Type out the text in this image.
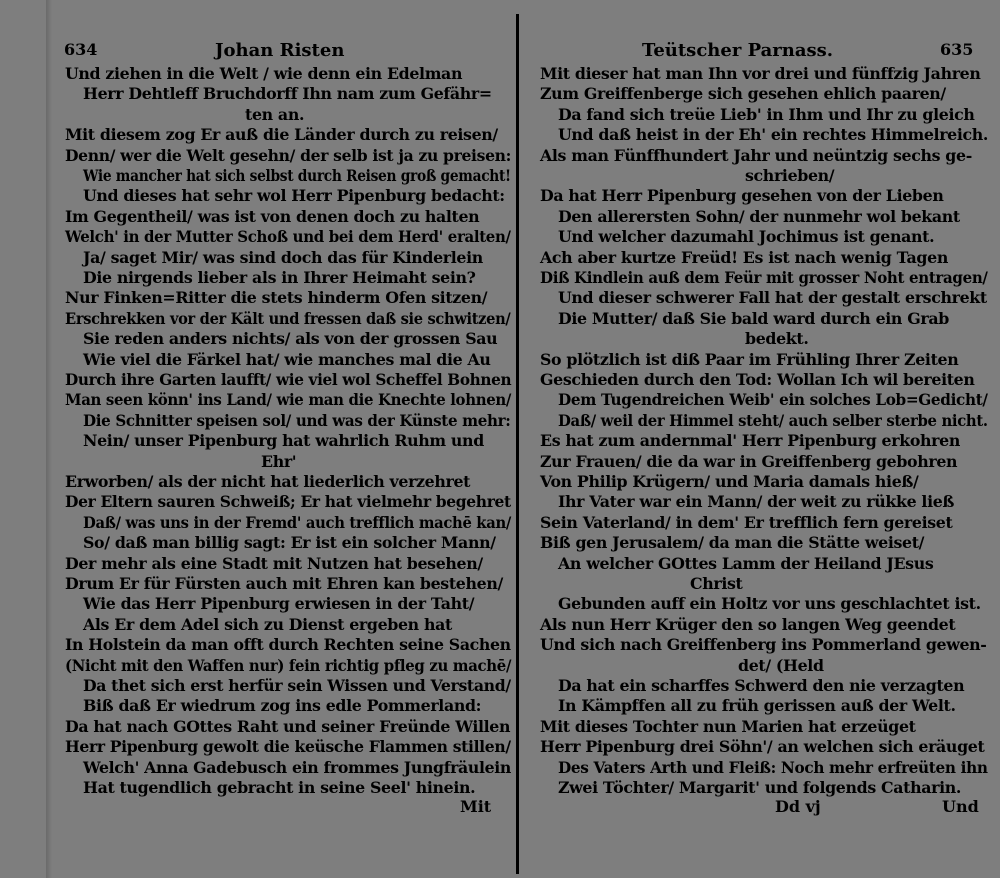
634	Johan Risten
Und ziehen in die Welt / wie denn ein Edelman
Herr Dehtleff Bruchdorff Ihn nam zum Gefähr=
ten an.
Mit diesem zog Er auß die Länder durch zu reisen/
Denn/ wer die Welt gesehn/ der selb ist ja zu preisen:
Wie mancher hat sich selbst durch Reisen groß gemacht!
Und dieses hat sehr wol Herr Pipenburg bedacht:
Im Gegentheil/ was ist von denen doch zu halten
Welch' in der Mutter Schoß und bei dem Herd' eralten/
Ja/ saget Mir/ was sind doch das für Kinderlein
Die nirgends lieber als in Ihrer Heimaht sein?
Nur Finken=Ritter die stets hinderm Ofen sitzen/
Erschrekken vor der Kält und fressen daß sie schwitzen/
Sie reden anders nichts/ als von der grossen Sau
Wie viel die Färkel hat/ wie manches mal die Au
Durch ihre Garten laufft/ wie viel wol Scheffel Bohnen
Man seen könn' ins Land/ wie man die Knechte lohnen/
Die Schnitter speisen sol/ und was der Künste mehr:
Nein/ unser Pipenburg hat wahrlich Ruhm und
Ehr'
Erworben/ als der nicht hat liederlich verzehret
Der Eltern sauren Schweiß; Er hat vielmehr begehret
Daß/ was uns in der Fremd' auch trefflich machē kan/
So/ daß man billig sagt: Er ist ein solcher Mann/
Der mehr als eine Stadt mit Nutzen hat besehen/
Drum Er für Fürsten auch mit Ehren kan bestehen/
Wie das Herr Pipenburg erwiesen in der Taht/
Als Er dem Adel sich zu Dienst ergeben hat
In Holstein da man offt durch Rechten seine Sachen
(Nicht mit den Waffen nur) fein richtig pfleg zu machē/
Da thet sich erst herfür sein Wissen und Verstand/
Biß daß Er wiedrum zog ins edle Pommerland:
Da hat nach GOttes Raht und seiner Freünde Willen
Herr Pipenburg gewolt die keüsche Flammen stillen/
Welch' Anna Gadebusch ein frommes Jungfräulein
Hat tugendlich gebracht in seine Seel' hinein.
Mit
Teütscher Parnass.	635
Mit dieser hat man Ihn vor drei und fünffzig Jahren
Zum Greiffenberge sich gesehen ehlich paaren/
Da fand sich treüe Lieb' in Ihm und Ihr zu gleich
Und daß heist in der Eh' ein rechtes Himmelreich.
Als man Fünffhundert Jahr und neüntzig sechs ge-
schrieben/
Da hat Herr Pipenburg gesehen von der Lieben
Den allerersten Sohn/ der nunmehr wol bekant
Und welcher dazumahl Jochimus ist genant.
Ach aber kurtze Freüd! Es ist nach wenig Tagen
Diß Kindlein auß dem Feür mit grosser Noht entragen/
Und dieser schwerer Fall hat der gestalt erschrekt
Die Mutter/ daß Sie bald ward durch ein Grab
bedekt.
So plötzlich ist diß Paar im Frühling Ihrer Zeiten
Geschieden durch den Tod: Wollan Ich wil bereiten
Dem Tugendreichen Weib' ein solches Lob=Gedicht/
Daß/ weil der Himmel steht/ auch selber sterbe nicht.
Es hat zum andernmal' Herr Pipenburg erkohren
Zur Frauen/ die da war in Greiffenberg gebohren
Von Philip Krügern/ und Maria damals hieß/
Ihr Vater war ein Mann/ der weit zu rükke ließ
Sein Vaterland/ in dem' Er trefflich fern gereiset
Biß gen Jerusalem/ da man die Stätte weiset/
An welcher GOttes Lamm der Heiland JEsus
Christ
Gebunden auff ein Holtz vor uns geschlachtet ist.
Als nun Herr Krüger den so langen Weg geendet
Und sich nach Greiffenberg ins Pommerland gewen-
det/ (Held
Da hat ein scharffes Schwerd den nie verzagten
In Kämpffen all zu früh gerissen auß der Welt.
Mit dieses Tochter nun Marien hat erzeüget
Herr Pipenburg drei Söhn'/ an welchen sich eräuget
Des Vaters Arth und Fleiß: Noch mehr erfreüten ihn
Zwei Töchter/ Margarit' und folgends Catharin.
Dd vj	Und
